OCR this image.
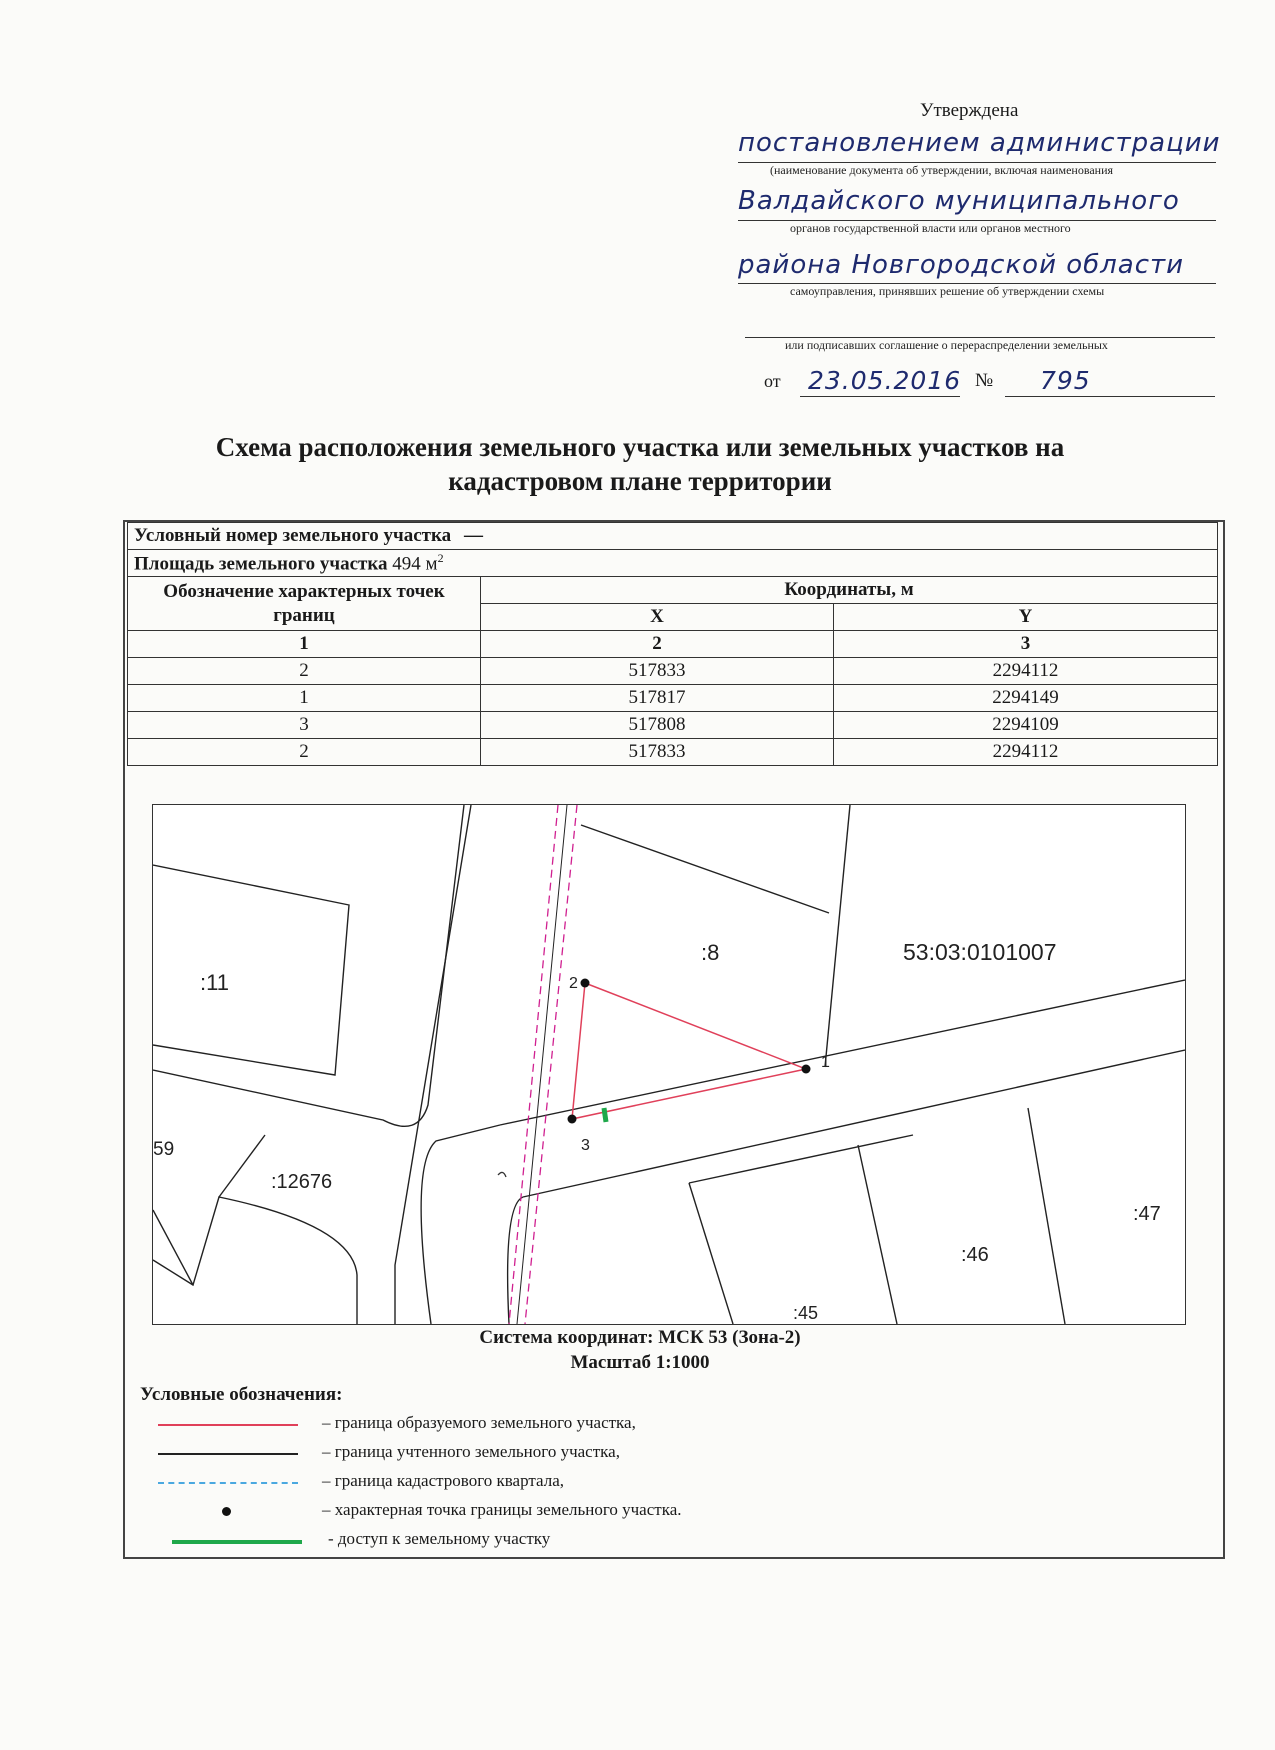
Утверждена
постановлением администрации
(наименование документа об утверждении, включая наименования
Валдайского муниципального
органов государственной власти или органов местного
района Новгородской области
самоуправления, принявших решение об утверждении схемы
или подписавших соглашение о перераспределении земельных
от 23.05.2016 № 795
Схема расположения земельного участка или земельных участков на
кадастровом плане территории
Условный номер земельного участка —		
Площадь земельного участка 494 $м^2$
Обозначение характерных точек границ	Координаты, м	
	X	Y
1	2	3
2	517833	2294112
1	517817	2294149
3	517808	2294109
2	517833	2294112
:11
:8	53:03:0101007
59
:12676
:47
:46
:45
1
2
3
Система координат: МСК 53 (Зона-2)
Масштаб 1:1000
Условные обозначения:
– граница образуемого земельного участка,
– граница учтенного земельного участка,
– граница кадастрового квартала,
– характерная точка границы земельного участка.
- доступ к земельному участку
